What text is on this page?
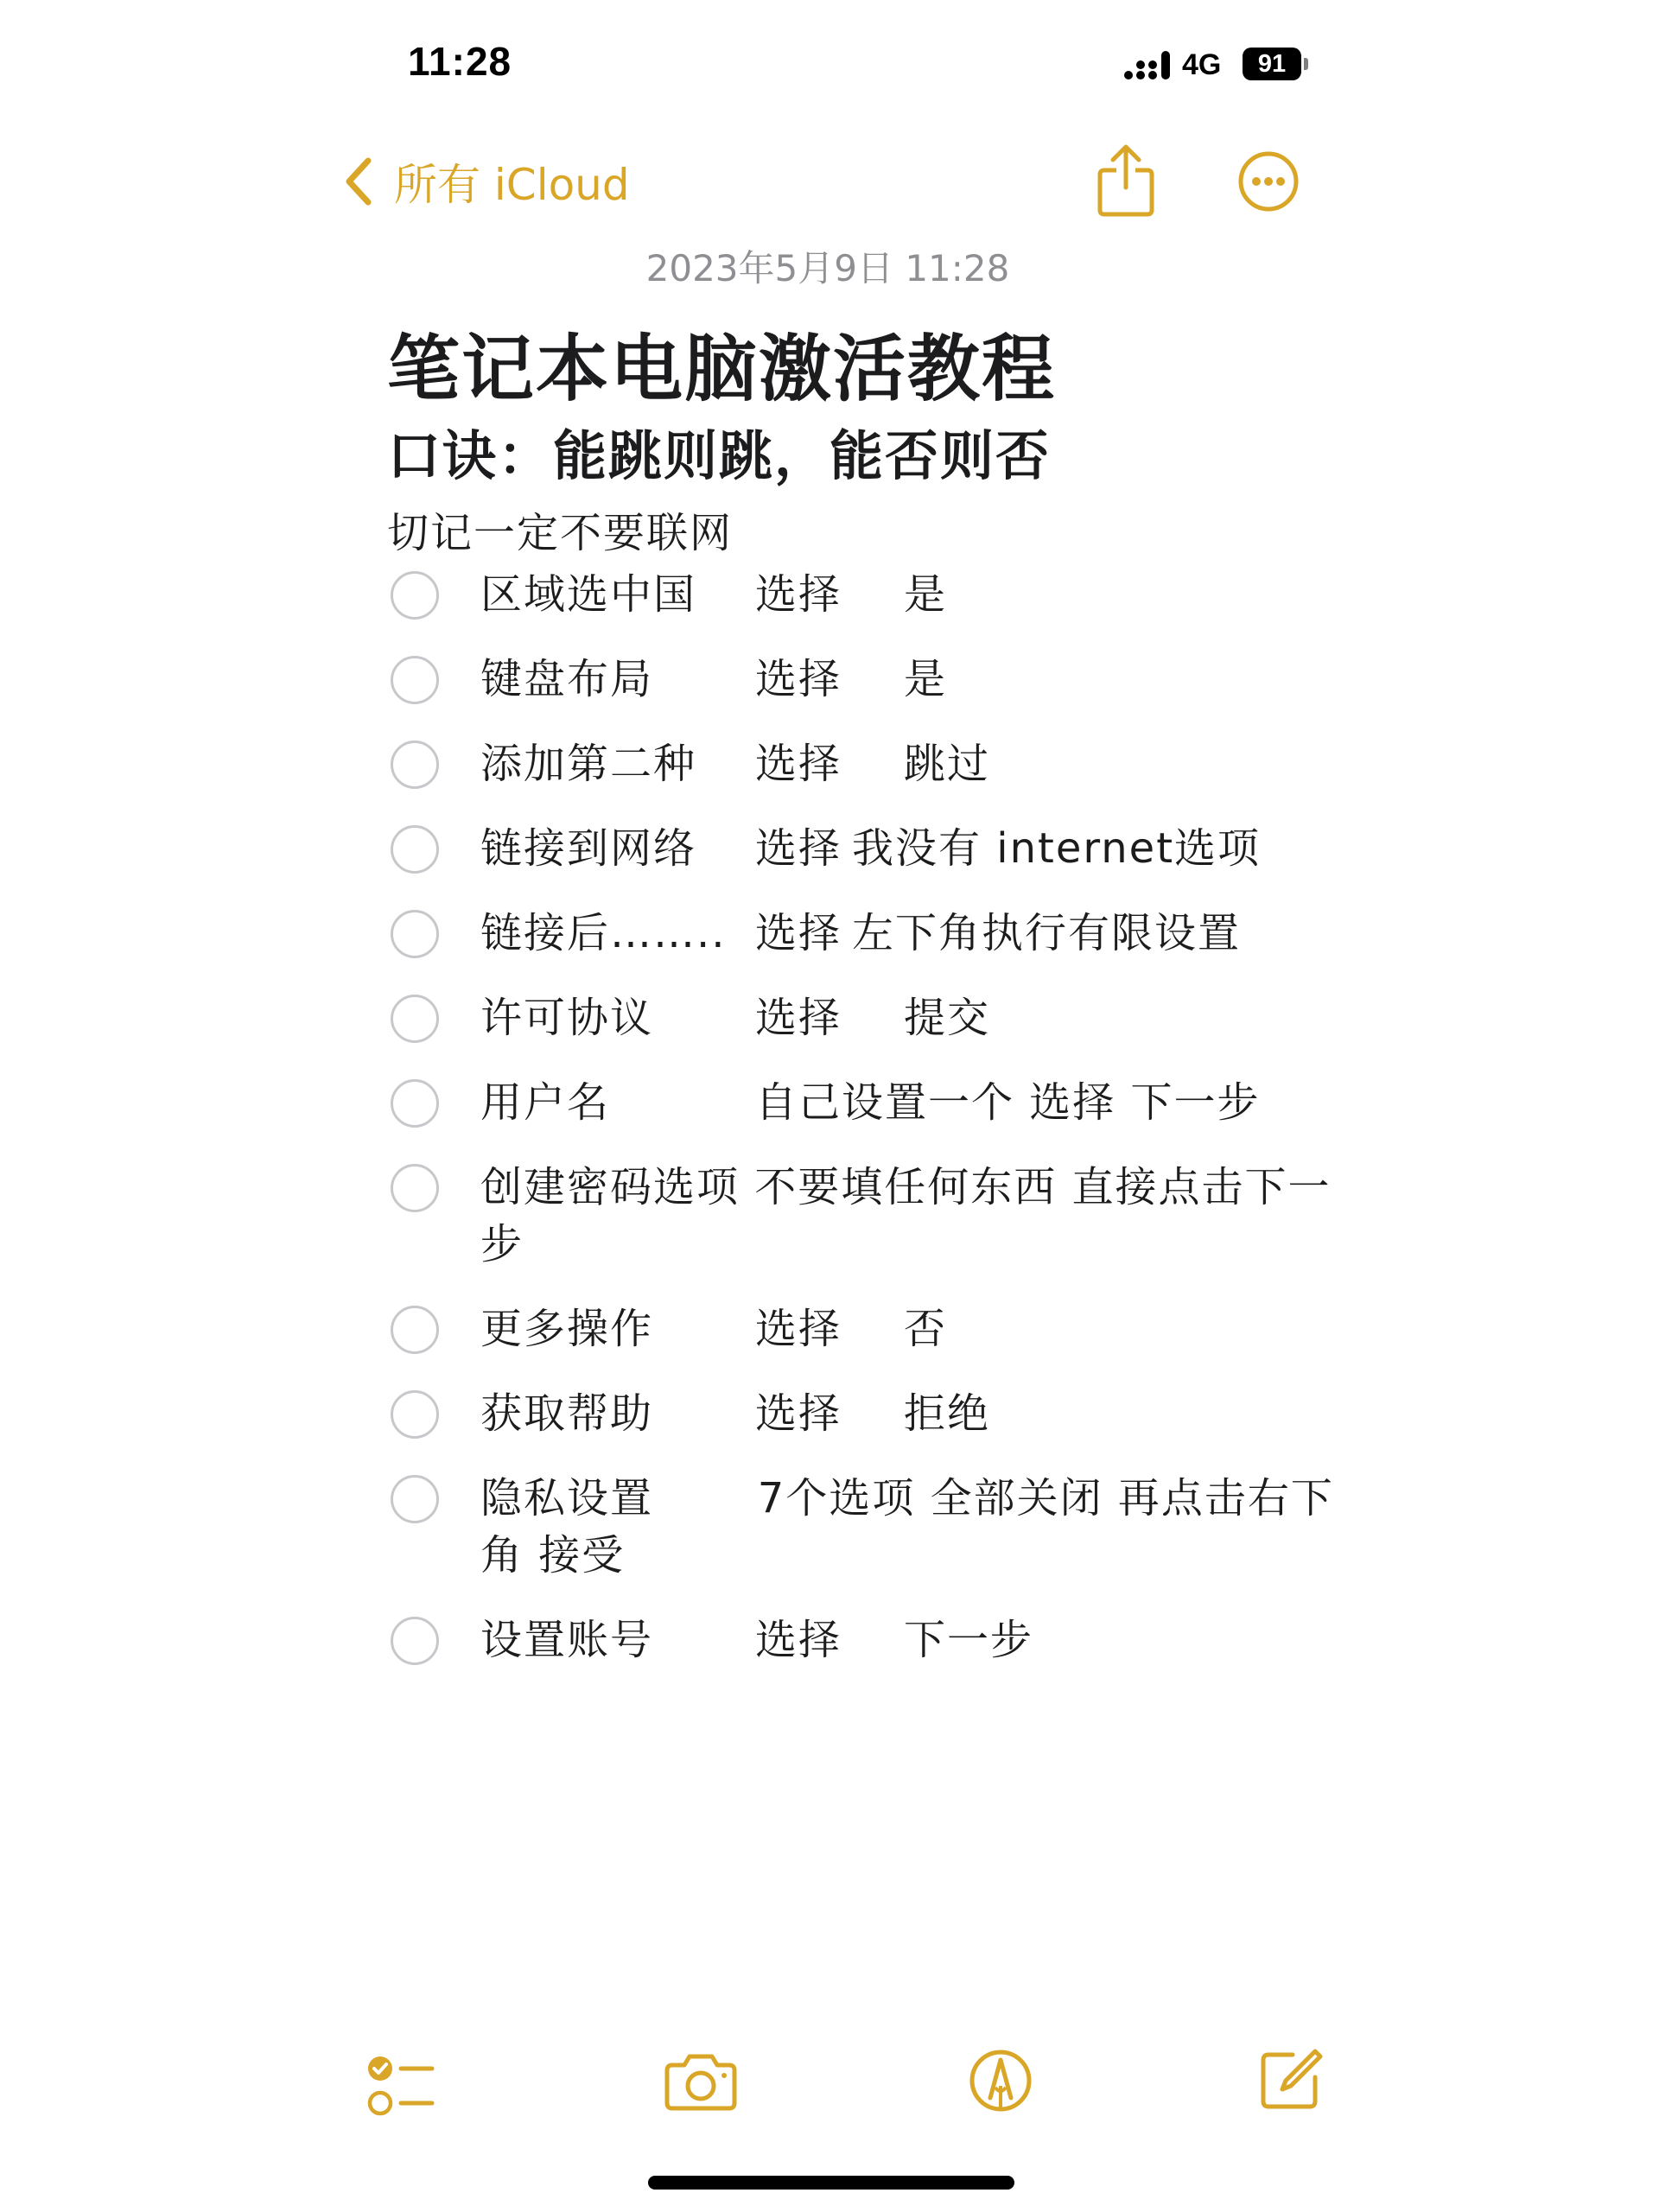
11:28	4G	91
所有 iCloud
2023年5月9日 11:28
笔记本电脑激活教程
口诀：能跳则跳，能否则否
切记一定不要联网
区域选中国 选择 是
键盘布局 选择 是
添加第二种 选择 跳过
链接到网络 选择 我没有 internet选项
链接后…….. 选择 左下角执行有限设置
许可协议 选择 提交
用户名	自己设置一个 选择 下一步
创建密码选项 不要填任何东西 直接点击下一步
更多操作 选择 否
获取帮助 选择 拒绝
隐私设置       7个选项 全部关闭 再点击右下角 接受
设置账号 选择 下一步
